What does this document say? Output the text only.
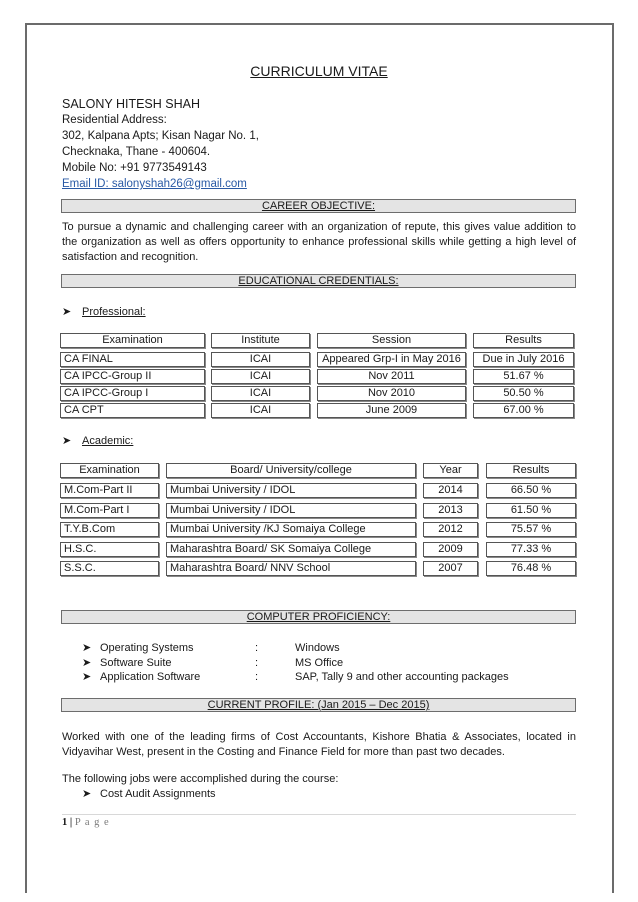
CURRICULUM VITAE
SALONY HITESH SHAH
Residential Address:
302, Kalpana Apts; Kisan Nagar No. 1,
Checknaka, Thane - 400604.
Mobile No: +91 9773549143
Email ID: salonyshah26@gmail.com
CAREER OBJECTIVE:
To pursue a dynamic and challenging career with an organization of repute, this gives value addition to the organization as well as offers opportunity to enhance professional skills while getting a high level of satisfaction and recognition.
EDUCATIONAL CREDENTIALS:
➤ Professional:
Examination	Institute	Session	Results
CA FINAL	ICAI	Appeared Grp-I in May 2016	Due in July 2016
CA IPCC-Group II	ICAI	Nov 2011	51.67 %
CA IPCC-Group I	ICAI	Nov 2010	50.50 %
CA CPT	ICAI	June 2009	67.00 %
➤ Academic:
Examination	Board/ University/college	Year	Results
M.Com-Part II	Mumbai University / IDOL	2014	66.50 %
M.Com-Part I	Mumbai University / IDOL	2013	61.50 %
T.Y.B.Com	Mumbai University /KJ Somaiya College	2012	75.57 %
H.S.C.	Maharashtra Board/ SK Somaiya College	2009	77.33 %
S.S.C.	Maharashtra Board/ NNV School	2007	76.48 %
COMPUTER PROFICIENCY:
➤ Operating Systems	:	Windows
➤ Software Suite	:	MS Office
➤ Application Software	:	SAP, Tally 9 and other accounting packages
CURRENT PROFILE: (Jan 2015 – Dec 2015)
Worked with one of the leading firms of Cost Accountants, Kishore Bhatia & Associates, located in Vidyavihar West, present in the Costing and Finance Field for more than past two decades.
The following jobs were accomplished during the course:
➤ Cost Audit Assignments
1 | P a g e
